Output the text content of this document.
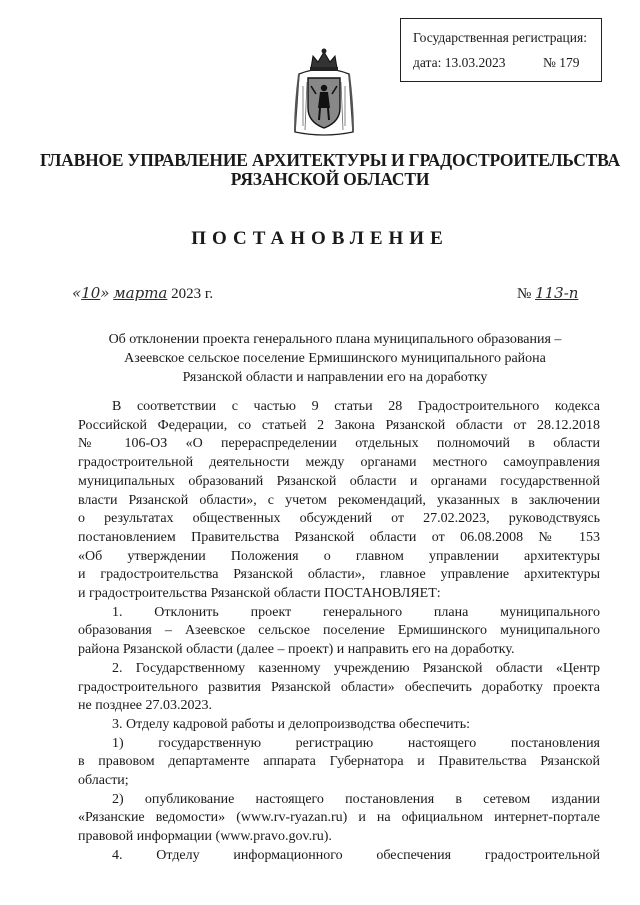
Государственная регистрация:
дата: 13.03.2023	№ 179
ГЛАВНОЕ УПРАВЛЕНИЕ АРХИТЕКТУРЫ И ГРАДОСТРОИТЕЛЬСТВА
РЯЗАНСКОЙ ОБЛАСТИ
ПОСТАНОВЛЕНИЕ
«10» марта 2023 г.	№ 113-п
Об отклонении проекта генерального плана муниципального образования –
Азеевское сельское поселение Ермишинского муниципального района
Рязанской области и направлении его на доработку
В соответствии с частью 9 статьи 28 Градостроительного кодекса
Российской Федерации, со статьей 2 Закона Рязанской области от 28.12.2018
№ 106-ОЗ «О перераспределении отдельных полномочий в области
градостроительной деятельности между органами местного самоуправления
муниципальных образований Рязанской области и органами государственной
власти Рязанской области», с учетом рекомендаций, указанных в заключении
о результатах общественных обсуждений от 27.02.2023, руководствуясь
постановлением Правительства Рязанской области от 06.08.2008 № 153
«Об утверждении Положения о главном управлении архитектуры
и градостроительства Рязанской области», главное управление архитектуры
и градостроительства Рязанской области ПОСТАНОВЛЯЕТ:
1. Отклонить проект генерального плана муниципального
образования – Азеевское сельское поселение Ермишинского муниципального
района Рязанской области (далее – проект) и направить его на доработку.
2. Государственному казенному учреждению Рязанской области «Центр
градостроительного развития Рязанской области» обеспечить доработку проекта
не позднее 27.03.2023.
3. Отделу кадровой работы и делопроизводства обеспечить:
1) государственную регистрацию настоящего постановления
в правовом департаменте аппарата Губернатора и Правительства Рязанской
области;
2) опубликование настоящего постановления в сетевом издании
«Рязанские ведомости» (www.rv-ryazan.ru) и на официальном интернет-портале
правовой информации (www.pravo.gov.ru).
4. Отделу информационного обеспечения градостроительной
